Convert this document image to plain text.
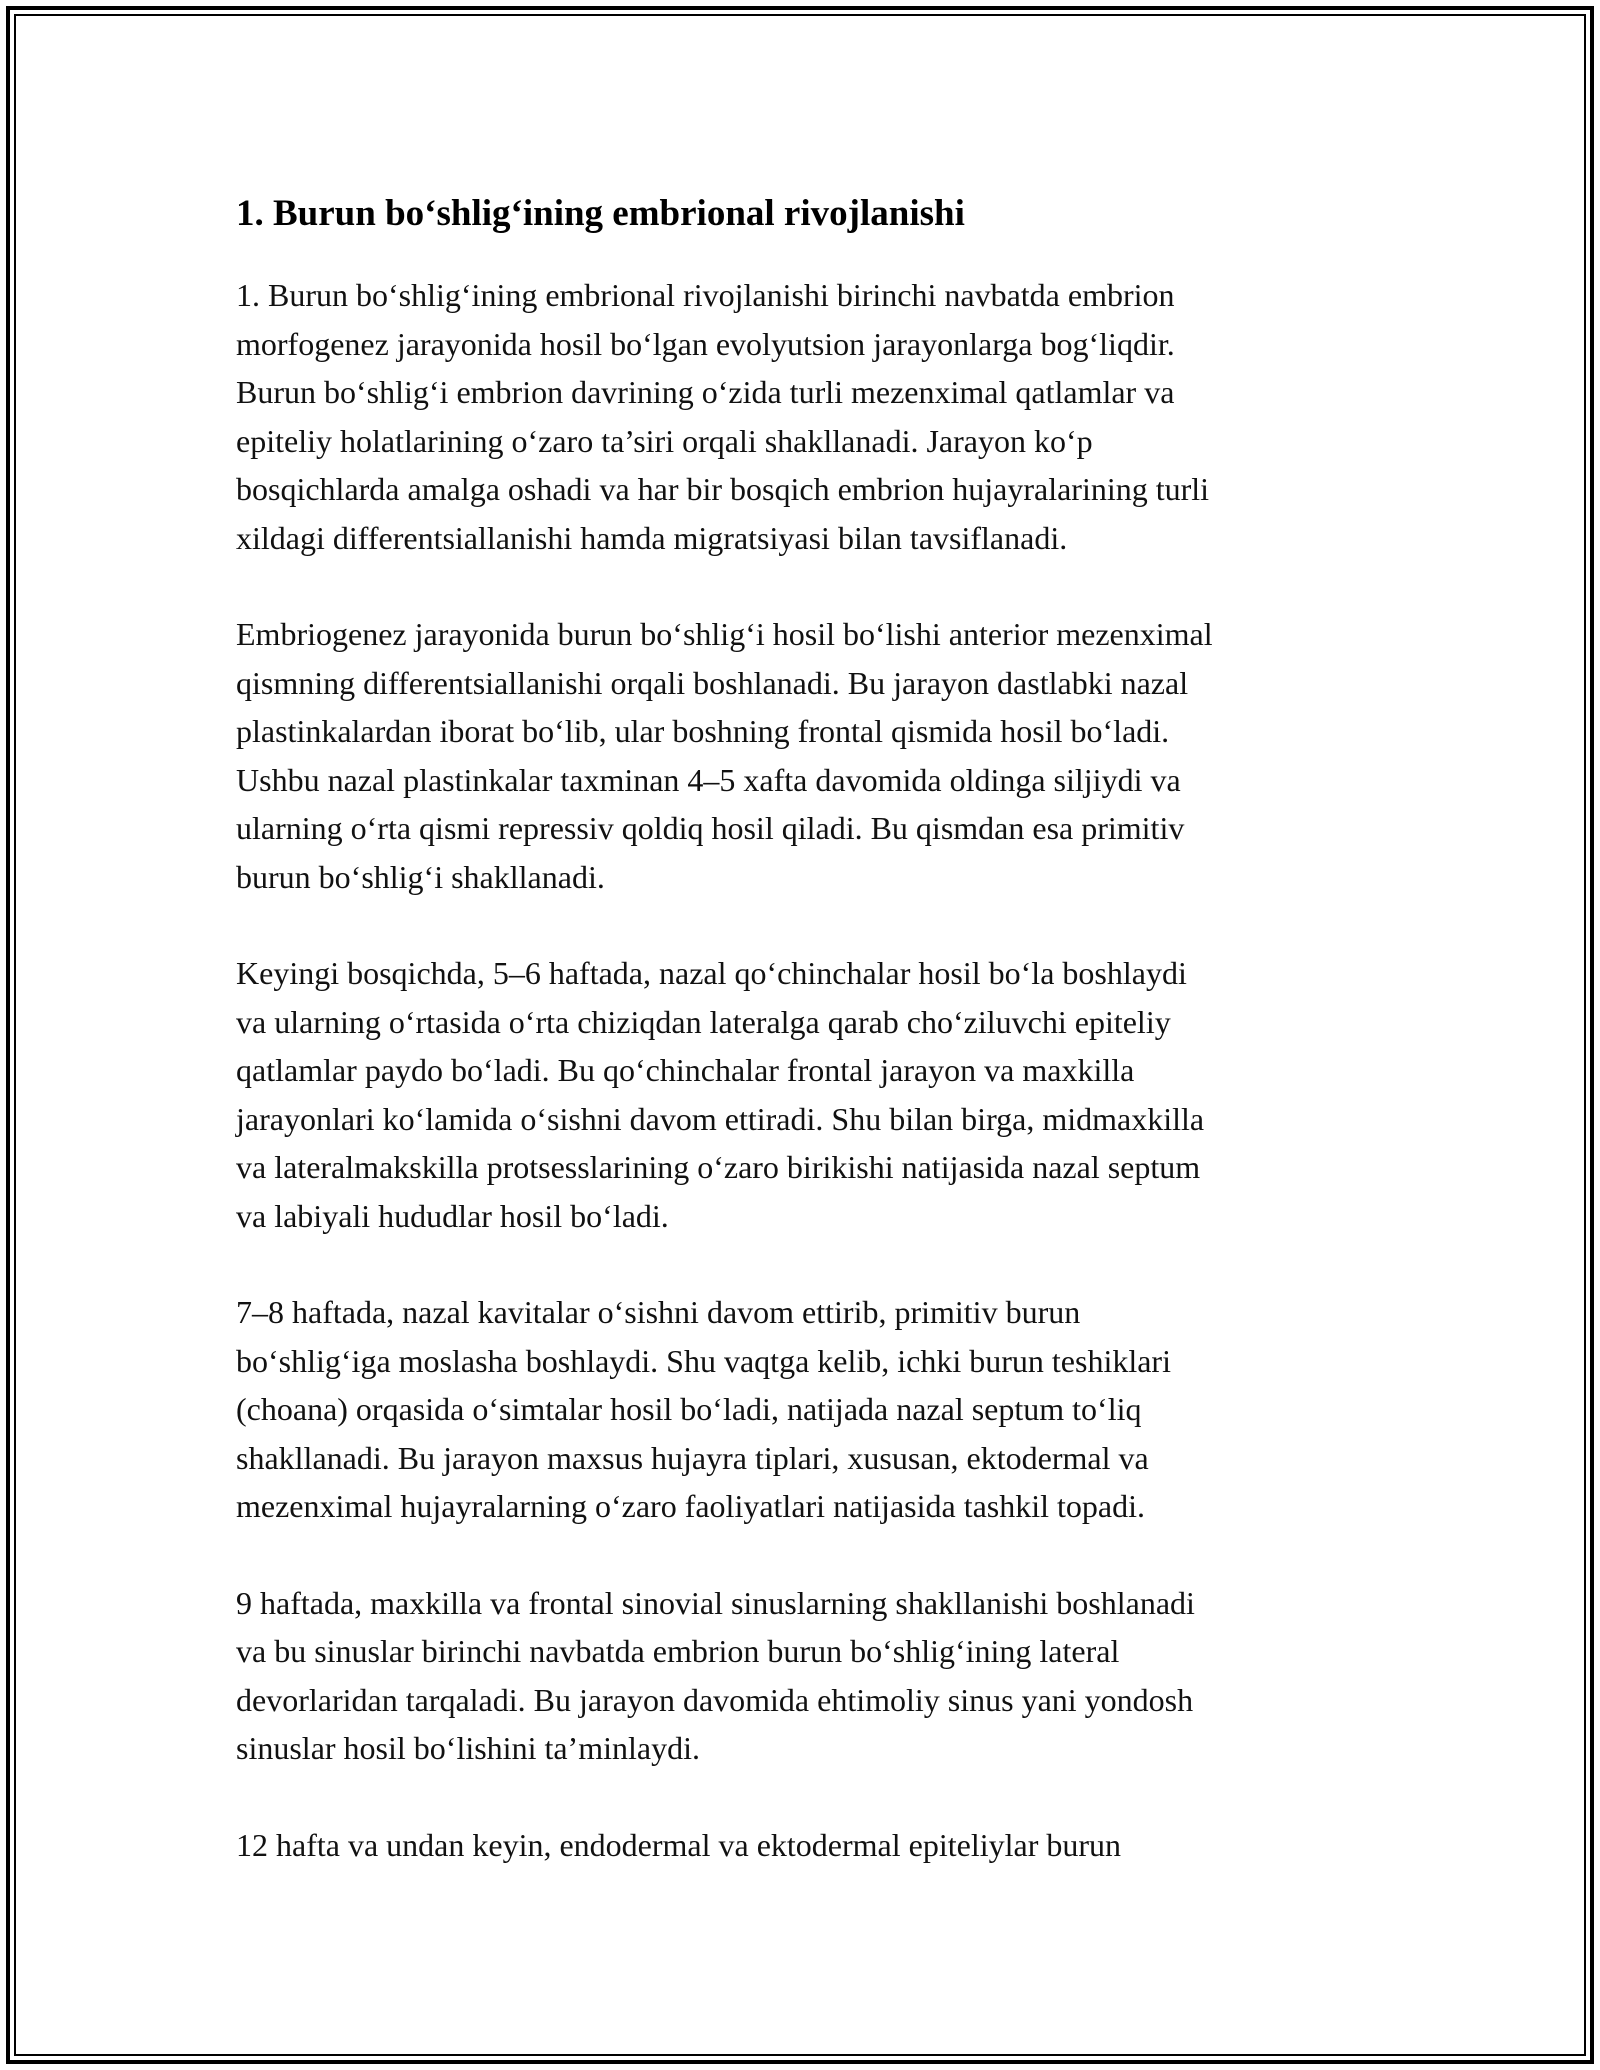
1. Burun bo‘shlig‘ining embrional rivojlanishi

1. Burun bo‘shlig‘ining embrional rivojlanishi birinchi navbatda embrion
morfogenez jarayonida hosil bo‘lgan evolyutsion jarayonlarga bog‘liqdir.
Burun bo‘shlig‘i embrion davrining o‘zida turli mezenximal qatlamlar va
epiteliy holatlarining o‘zaro ta’siri orqali shakllanadi. Jarayon ko‘p
bosqichlarda amalga oshadi va har bir bosqich embrion hujayralarining turli
xildagi differentsiallanishi hamda migratsiyasi bilan tavsiflanadi.

Embriogenez jarayonida burun bo‘shlig‘i hosil bo‘lishi anterior mezenximal
qismning differentsiallanishi orqali boshlanadi. Bu jarayon dastlabki nazal
plastinkalardan iborat bo‘lib, ular boshning frontal qismida hosil bo‘ladi.
Ushbu nazal plastinkalar taxminan 4–5 xafta davomida oldinga siljiydi va
ularning o‘rta qismi repressiv qoldiq hosil qiladi. Bu qismdan esa primitiv
burun bo‘shlig‘i shakllanadi.

Keyingi bosqichda, 5–6 haftada, nazal qo‘chinchalar hosil bo‘la boshlaydi
va ularning o‘rtasida o‘rta chiziqdan lateralga qarab cho‘ziluvchi epiteliy
qatlamlar paydo bo‘ladi. Bu qo‘chinchalar frontal jarayon va maxkilla
jarayonlari ko‘lamida o‘sishni davom ettiradi. Shu bilan birga, midmaxkilla
va lateralmakskilla protsesslarining o‘zaro birikishi natijasida nazal septum
va labiyali hududlar hosil bo‘ladi.

7–8 haftada, nazal kavitalar o‘sishni davom ettirib, primitiv burun
bo‘shlig‘iga moslasha boshlaydi. Shu vaqtga kelib, ichki burun teshiklari
(choana) orqasida o‘simtalar hosil bo‘ladi, natijada nazal septum to‘liq
shakllanadi. Bu jarayon maxsus hujayra tiplari, xususan, ektodermal va
mezenximal hujayralarning o‘zaro faoliyatlari natijasida tashkil topadi.

9 haftada, maxkilla va frontal sinovial sinuslarning shakllanishi boshlanadi
va bu sinuslar birinchi navbatda embrion burun bo‘shlig‘ining lateral
devorlaridan tarqaladi. Bu jarayon davomida ehtimoliy sinus yani yondosh
sinuslar hosil bo‘lishini ta’minlaydi.

12 hafta va undan keyin, endodermal va ektodermal epiteliylar burun
